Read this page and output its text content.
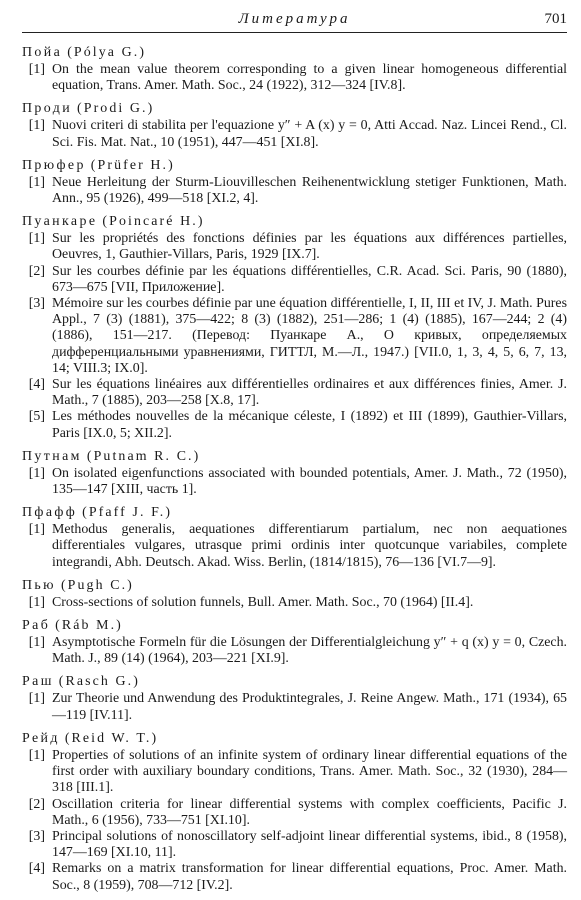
Литература	701
Пойа (Pólya G.)
[1] On the mean value theorem corresponding to a given linear homogeneous differential equation, Trans. Amer. Math. Soc., 24 (1922), 312—324 [IV.8].
Проди (Prodi G.)
[1] Nuovi criteri di stabilita per l'equazione y″ + A (x) y = 0, Atti Accad. Naz. Lincei Rend., Cl. Sci. Fis. Mat. Nat., 10 (1951), 447—451 [XI.8].
Прюфер (Prüfer H.)
[1] Neue Herleitung der Sturm-Liouvilleschen Reihenentwicklung stetiger Funktionen, Math. Ann., 95 (1926), 499—518 [XI.2, 4].
Пуанкаре (Poincaré H.)
[1] Sur les propriétés des fonctions définies par les équations aux différences partielles, Oeuvres, 1, Gauthier-Villars, Paris, 1929 [IX.7].
[2] Sur les courbes définie par les équations différentielles, C.R. Acad. Sci. Paris, 90 (1880), 673—675 [VII, Приложение].
[3] Mémoire sur les courbes définie par une équation différentielle, I, II, III et IV, J. Math. Pures Appl., 7 (3) (1881), 375—422; 8 (3) (1882), 251—286; 1 (4) (1885), 167—244; 2 (4) (1886), 151—217. (Перевод: Пуанкаре А., О кривых, определяемых дифференциальными уравнениями, ГИТТЛ, М.—Л., 1947.) [VII.0, 1, 3, 4, 5, 6, 7, 13, 14; VIII.3; IX.0].
[4] Sur les équations linéaires aux différentielles ordinaires et aux différences finies, Amer. J. Math., 7 (1885), 203—258 [X.8, 17].
[5] Les méthodes nouvelles de la mécanique céleste, I (1892) et III (1899), Gauthier-Villars, Paris [IX.0, 5; XII.2].
Путнам (Putnam R. C.)
[1] On isolated eigenfunctions associated with bounded potentials, Amer. J. Math., 72 (1950), 135—147 [XIII, часть 1].
Пфафф (Pfaff J. F.)
[1] Methodus generalis, aequationes differentiarum partialum, nec non aequationes differentiales vulgares, utrasque primi ordinis inter quotcunque variabiles, complete integrandi, Abh. Deutsch. Akad. Wiss. Berlin, (1814/1815), 76—136 [VI.7—9].
Пью (Pugh C.)
[1] Cross-sections of solution funnels, Bull. Amer. Math. Soc., 70 (1964) [II.4].
Раб (Ráb M.)
[1] Asymptotische Formeln für die Lösungen der Differentialgleichung y″ + q (x) y = 0, Czech. Math. J., 89 (14) (1964), 203—221 [XI.9].
Раш (Rasch G.)
[1] Zur Theorie und Anwendung des Produktintegrales, J. Reine Angew. Math., 171 (1934), 65—119 [IV.11].
Рейд (Reid W. T.)
[1] Properties of solutions of an infinite system of ordinary linear differential equations of the first order with auxiliary boundary conditions, Trans. Amer. Math. Soc., 32 (1930), 284—318 [III.1].
[2] Oscillation criteria for linear differential systems with complex coefficients, Pacific J. Math., 6 (1956), 733—751 [XI.10].
[3] Principal solutions of nonoscillatory self-adjoint linear differential systems, ibid., 8 (1958), 147—169 [XI.10, 11].
[4] Remarks on a matrix transformation for linear differential equations, Proc. Amer. Math. Soc., 8 (1959), 708—712 [IV.2].
